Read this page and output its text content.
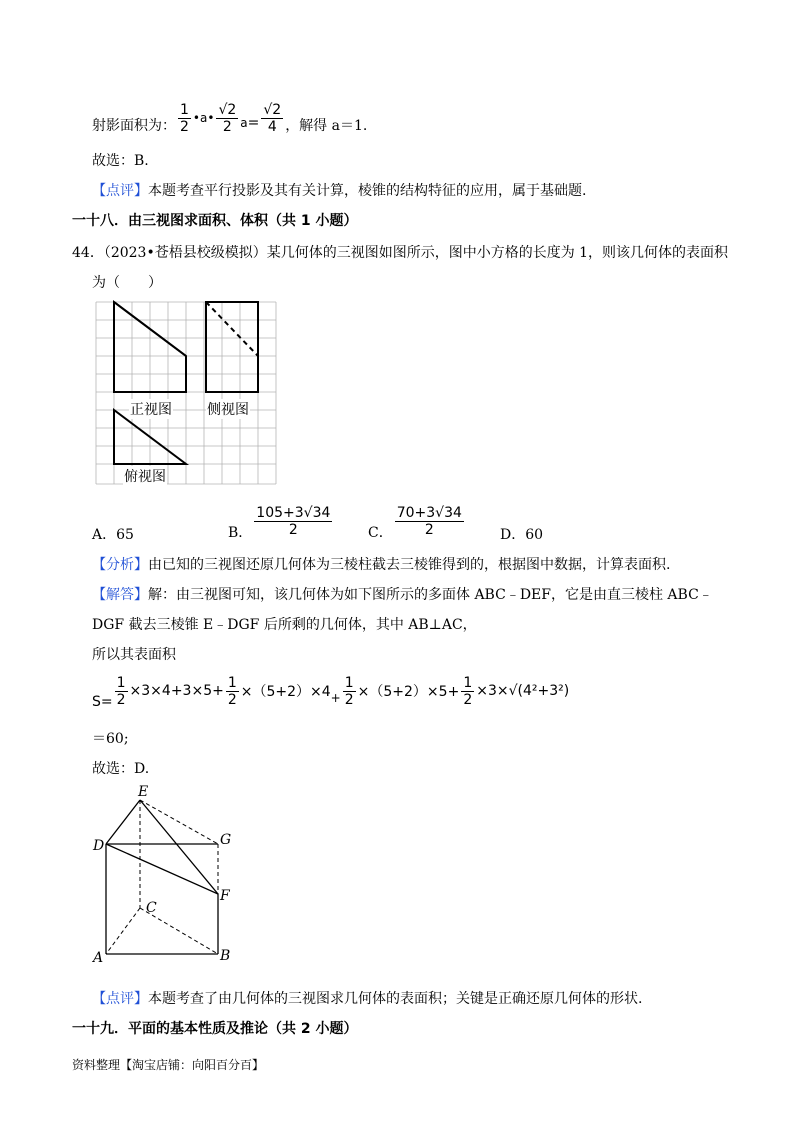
射影面积为： $\frac{1}{2}$ •a• $\frac{√2}{2}$ $a = \frac{√2}{4}$ ，解得 a＝1.
故选：B.
【点评】本题考查平行投影及其有关计算，棱锥的结构特征的应用，属于基础题.
一十八．由三视图求面积、体积（共 1 小题）
44．（2023•苍梧县校级模拟）某几何体的三视图如图所示，图中小方格的长度为 1，则该几何体的表面积
为（　　）
正视图	侧视图
俯视图
A．65	B． $\frac{105+3√34}{2}$	C． $\frac{70+3√34}{2}$	D．60
【分析】由已知的三视图还原几何体为三棱柱截去三棱锥得到的，根据图中数据，计算表面积.
【解答】解：由三视图可知，该几何体为如下图所示的多面体 ABC﹣DEF，它是由直三棱柱 ABC﹣
DGF 截去三棱锥 E﹣DGF 后所剩的几何体，其中 AB⊥AC，
所以其表面积
$S= \frac{1}{2} \times 3\times 4+3\times 5+ \frac{1}{2} \times(5+2)\times 4 + \frac{1}{2} \times(5+2)\times 5+ \frac{1}{2} \times 3\times √(4^2+3^2)$
＝60;
故选：D.
E
D	G
F
C
A	B
【点评】本题考查了由几何体的三视图求几何体的表面积；关键是正确还原几何体的形状.
一十九．平面的基本性质及推论（共 2 小题）
资料整理【淘宝店铺：向阳百分百】
